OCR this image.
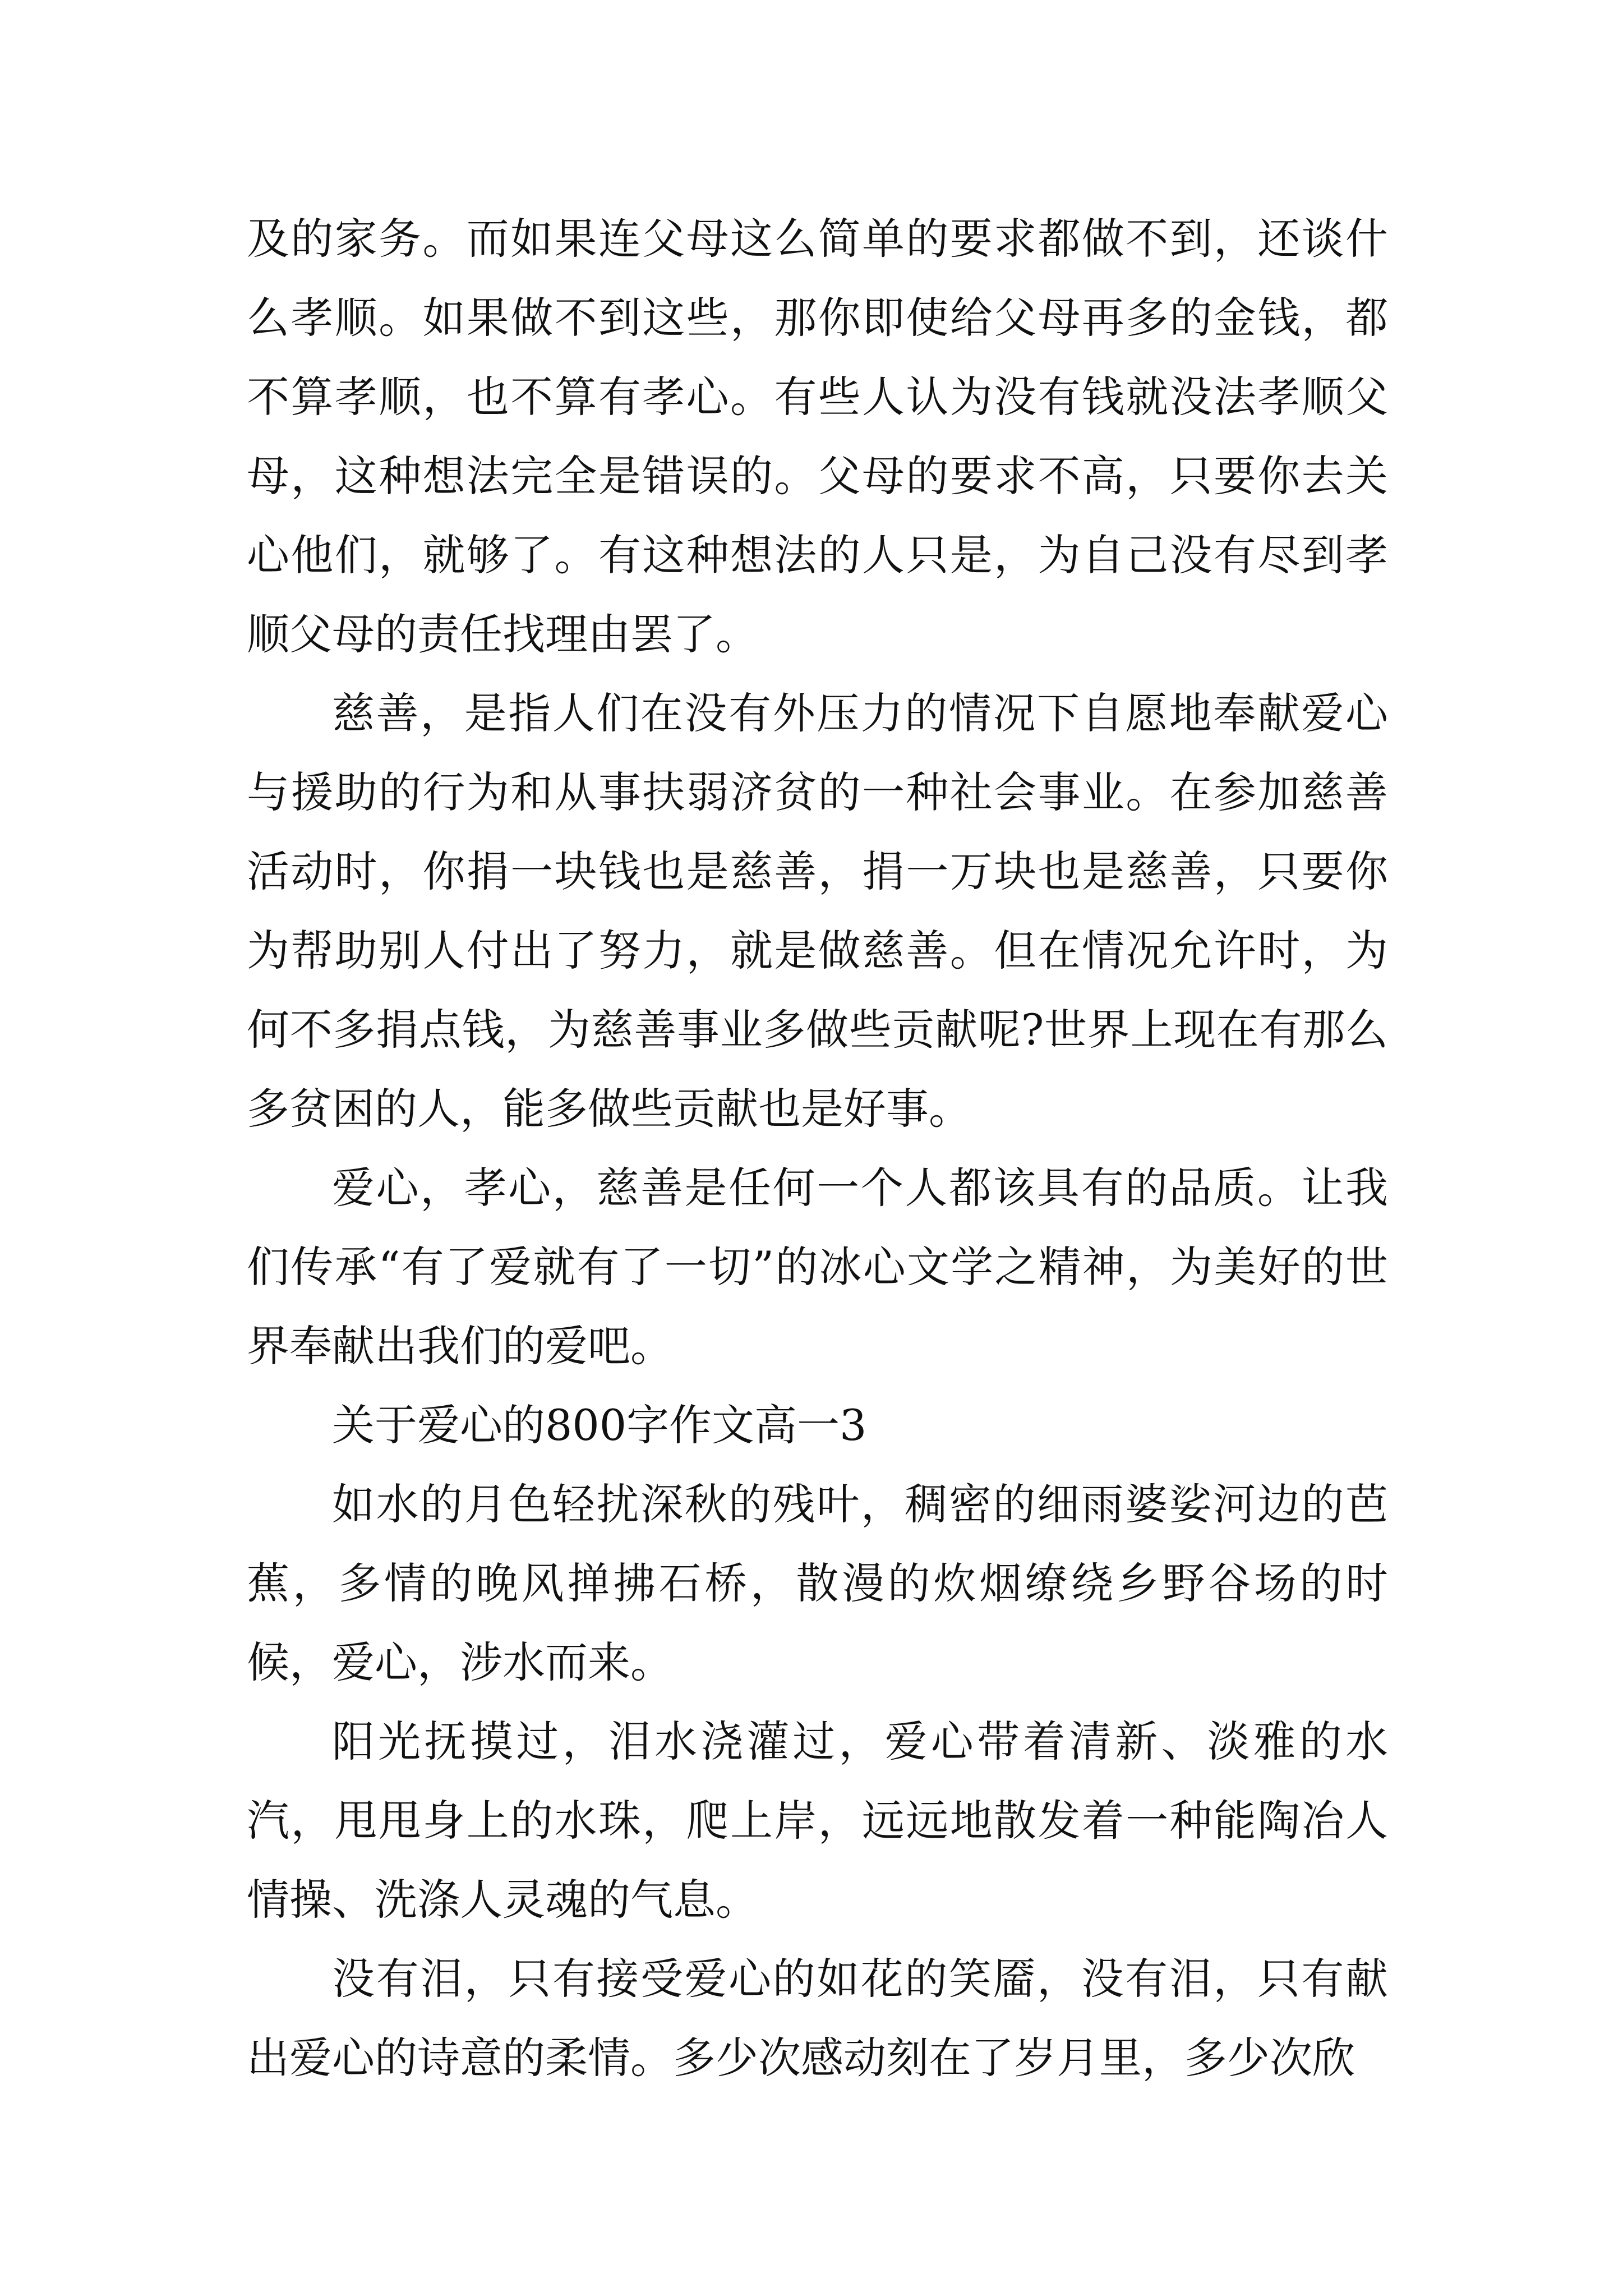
及的家务。而如果连父母这么简单的要求都做不到，还谈什么孝顺。如果做不到这些，那你即使给父母再多的金钱，都不算孝顺，也不算有孝心。有些人认为没有钱就没法孝顺父母，这种想法完全是错误的。父母的要求不高，只要你去关心他们，就够了。有这种想法的人只是，为自己没有尽到孝顺父母的责任找理由罢了。

慈善，是指人们在没有外压力的情况下自愿地奉献爱心与援助的行为和从事扶弱济贫的一种社会事业。在参加慈善活动时，你捐一块钱也是慈善，捐一万块也是慈善，只要你为帮助别人付出了努力，就是做慈善。但在情况允许时，为何不多捐点钱，为慈善事业多做些贡献呢?世界上现在有那么多贫困的人，能多做些贡献也是好事。

爱心，孝心，慈善是任何一个人都该具有的品质。让我们传承“有了爱就有了一切”的冰心文学之精神，为美好的世界奉献出我们的爱吧。

关于爱心的800字作文高一3

如水的月色轻扰深秋的残叶，稠密的细雨婆娑河边的芭蕉，多情的晚风掸拂石桥，散漫的炊烟缭绕乡野谷场的时候，爱心，涉水而来。

阳光抚摸过，泪水浇灌过，爱心带着清新、淡雅的水汽，甩甩身上的水珠，爬上岸，远远地散发着一种能陶冶人情操、洗涤人灵魂的气息。

没有泪，只有接受爱心的如花的笑靥，没有泪，只有献出爱心的诗意的柔情。多少次感动刻在了岁月里，多少次欣
